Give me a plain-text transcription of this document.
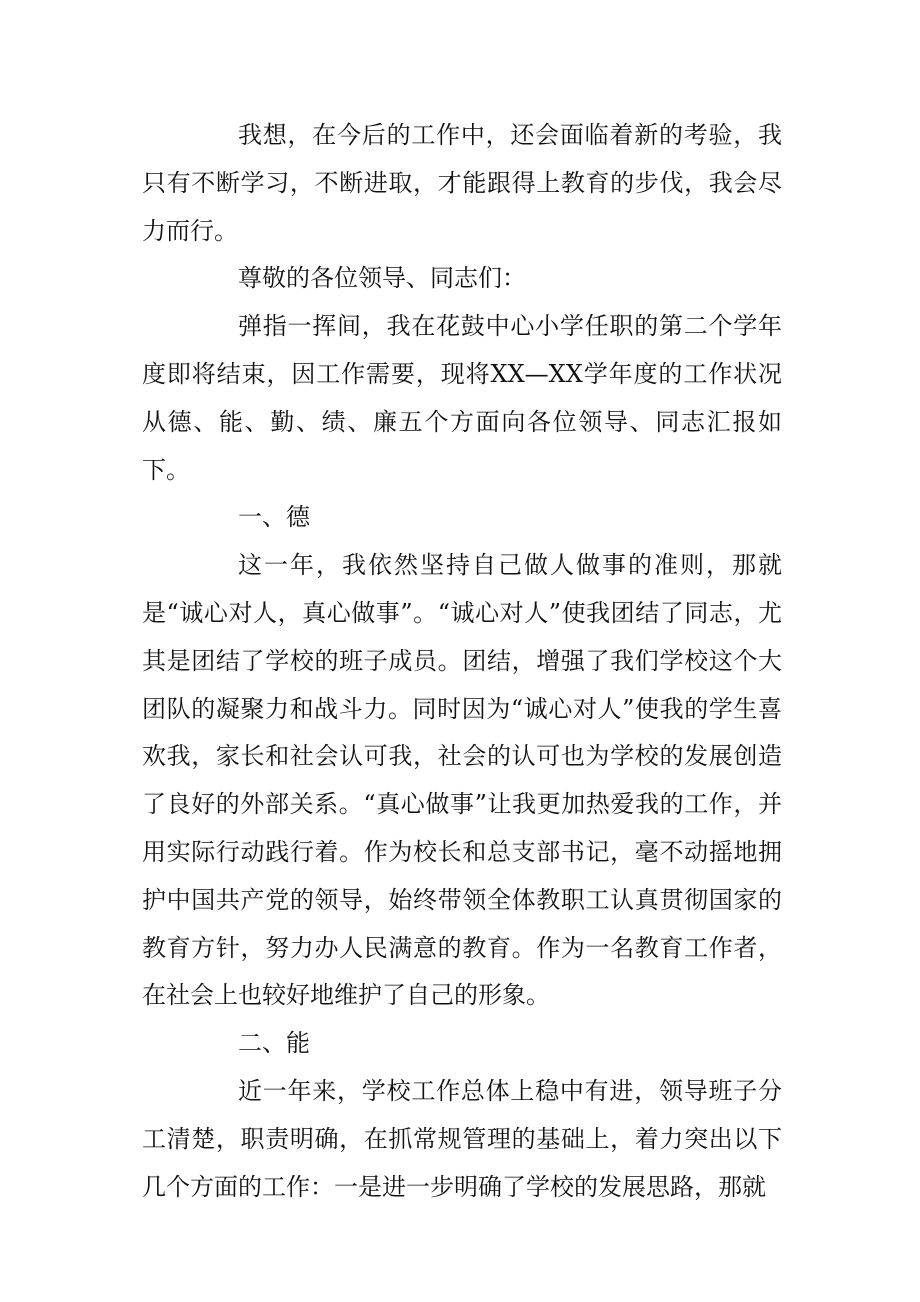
我想，在今后的工作中，还会面临着新的考验，我只有不断学习，不断进取，才能跟得上教育的步伐，我会尽力而行。

尊敬的各位领导、同志们：

弹指一挥间，我在花鼓中心小学任职的第二个学年度即将结束，因工作需要，现将XX—XX学年度的工作状况从德、能、勤、绩、廉五个方面向各位领导、同志汇报如下。

一、德

这一年，我依然坚持自己做人做事的准则，那就是“诚心对人，真心做事”。“诚心对人”使我团结了同志，尤其是团结了学校的班子成员。团结，增强了我们学校这个大团队的凝聚力和战斗力。同时因为“诚心对人”使我的学生喜欢我，家长和社会认可我，社会的认可也为学校的发展创造了良好的外部关系。“真心做事”让我更加热爱我的工作，并用实际行动践行着。作为校长和总支部书记，毫不动摇地拥护中国共产党的领导，始终带领全体教职工认真贯彻国家的教育方针，努力办人民满意的教育。作为一名教育工作者，在社会上也较好地维护了自己的形象。

二、能

近一年来，学校工作总体上稳中有进，领导班子分工清楚，职责明确，在抓常规管理的基础上，着力突出以下几个方面的工作：一是进一步明确了学校的发展思路，那就
